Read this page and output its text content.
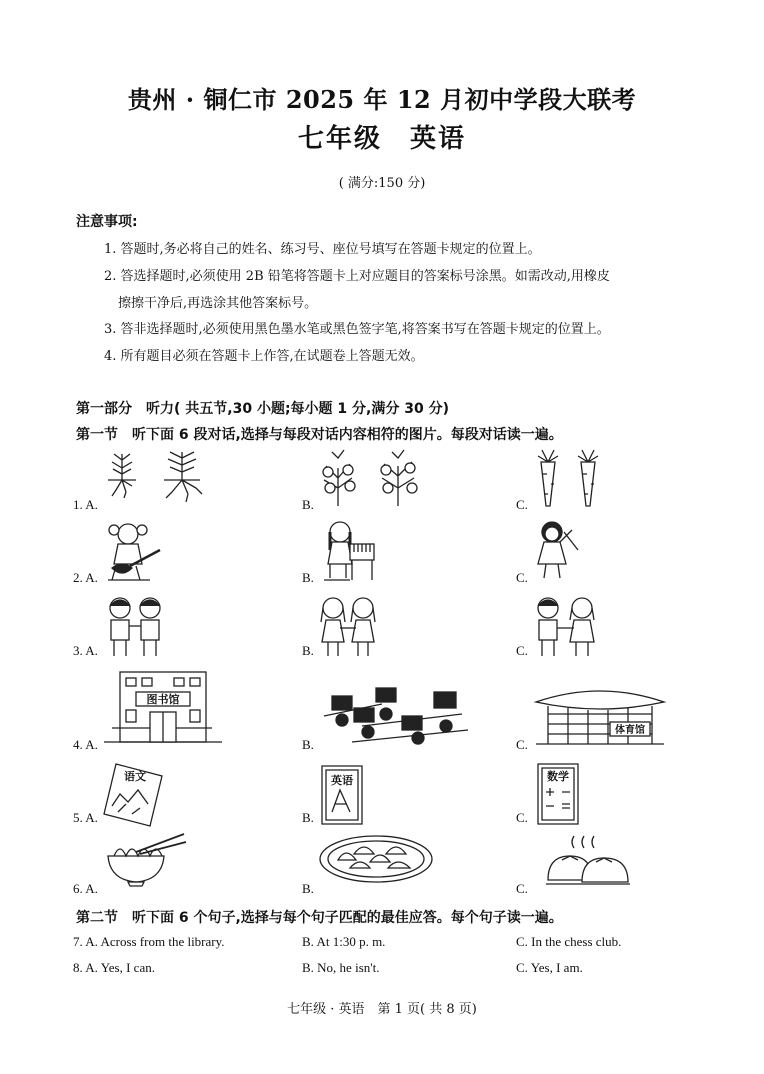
贵州 · 铜仁市 2025 年 12 月初中学段大联考
七年级　英语
( 满分:150 分)
注意事项:
1. 答题时,务必将自己的姓名、练习号、座位号填写在答题卡规定的位置上。
2. 答选择题时,必须使用 2B 铅笔将答题卡上对应题目的答案标号涂黑。如需改动,用橡皮
擦擦干净后,再选涂其他答案标号。
3. 答非选择题时,必须使用黑色墨水笔或黑色签字笔,将答案书写在答题卡规定的位置上。
4. 所有题目必须在答题卡上作答,在试题卷上答题无效。
第一部分　听力( 共五节,30 小题;每小题 1 分,满分 30 分)
第一节　听下面 6 段对话,选择与每段对话内容相符的图片。每段对话读一遍。
图书馆
体育馆
语文	英语	数学
1. A.	B.	C.
2. A.	B.	C.
3. A.	B.	C.
4. A.	B.	C.
5. A.	B.	C.
6. A.	B.	C.
第二节　听下面 6 个句子,选择与每个句子匹配的最佳应答。每个句子读一遍。
7. A. Across from the library.	B. At 1:30 p. m.	C. In the chess club.
8. A. Yes, I can.	B. No, he isn't.	C. Yes, I am.
七年级 · 英语　第 1 页( 共 8 页)
